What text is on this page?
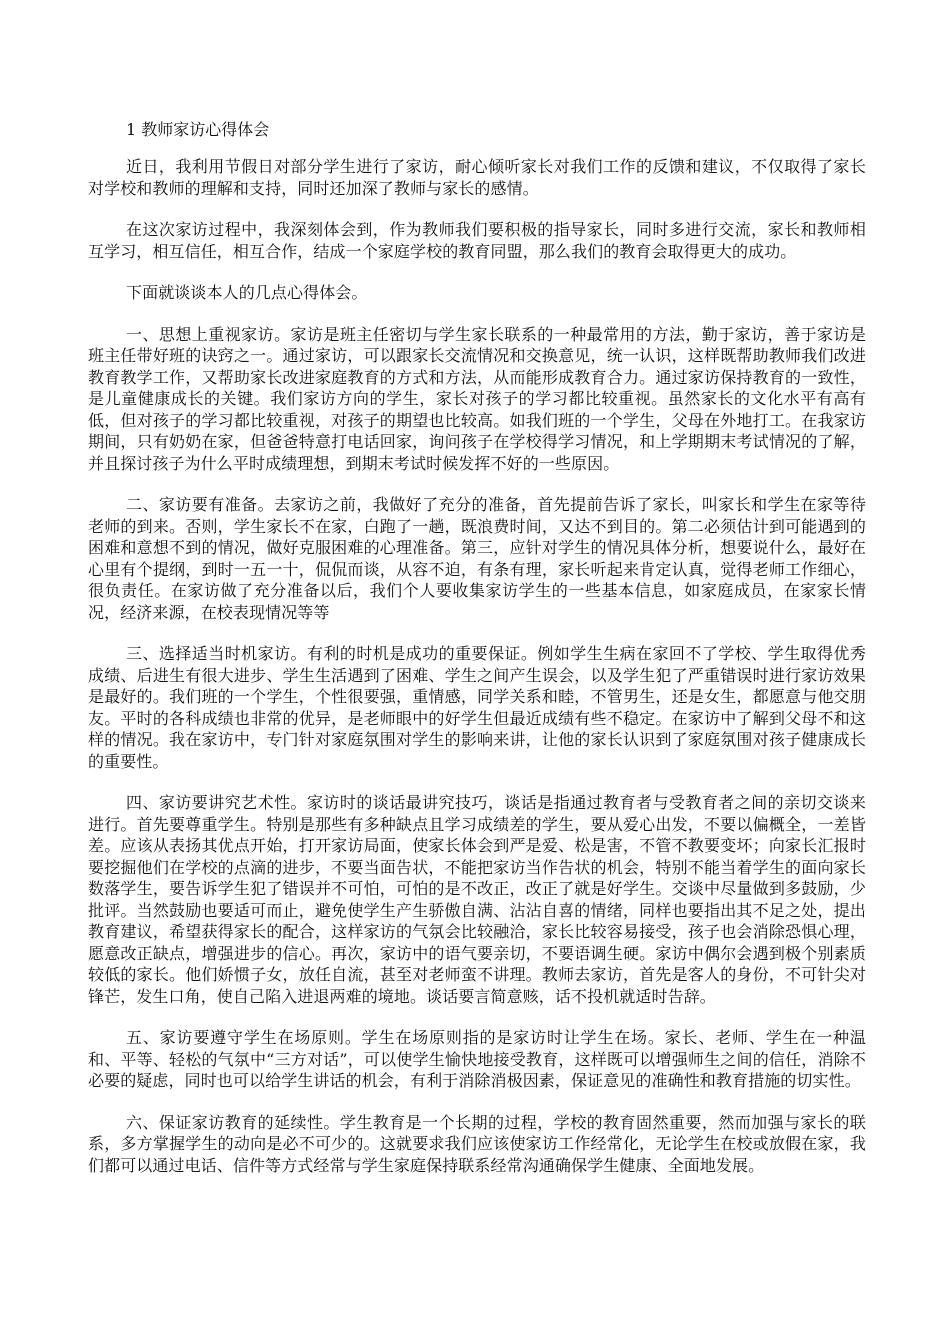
1 教师家访心得体会

近日，我利用节假日对部分学生进行了家访，耐心倾听家长对我们工作的反馈和建议，不仅取得了家长对学校和教师的理解和支持，同时还加深了教师与家长的感情。

在这次家访过程中，我深刻体会到，作为教师我们要积极的指导家长，同时多进行交流，家长和教师相互学习，相互信任，相互合作，结成一个家庭学校的教育同盟，那么我们的教育会取得更大的成功。

下面就谈谈本人的几点心得体会。

一、思想上重视家访。家访是班主任密切与学生家长联系的一种最常用的方法，勤于家访，善于家访是班主任带好班的诀窍之一。通过家访，可以跟家长交流情况和交换意见，统一认识，这样既帮助教师我们改进教育教学工作，又帮助家长改进家庭教育的方式和方法，从而能形成教育合力。通过家访保持教育的一致性，是儿童健康成长的关键。我们家访方向的学生，家长对孩子的学习都比较重视。虽然家长的文化水平有高有低，但对孩子的学习都比较重视，对孩子的期望也比较高。如我们班的一个学生，父母在外地打工。在我家访期间，只有奶奶在家，但爸爸特意打电话回家，询问孩子在学校得学习情况，和上学期期末考试情况的了解，并且探讨孩子为什么平时成绩理想，到期末考试时候发挥不好的一些原因。

二、家访要有准备。去家访之前，我做好了充分的准备，首先提前告诉了家长，叫家长和学生在家等待老师的到来。否则，学生家长不在家，白跑了一趟，既浪费时间，又达不到目的。第二必须估计到可能遇到的困难和意想不到的情况，做好克服困难的心理准备。第三，应针对学生的情况具体分析，想要说什么，最好在心里有个提纲，到时一五一十，侃侃而谈，从容不迫，有条有理，家长听起来肯定认真，觉得老师工作细心，很负责任。在家访做了充分准备以后，我们个人要收集家访学生的一些基本信息，如家庭成员，在家家长情况，经济来源，在校表现情况等等

三、选择适当时机家访。有利的时机是成功的重要保证。例如学生生病在家回不了学校、学生取得优秀成绩、后进生有很大进步、学生生活遇到了困难、学生之间产生误会，以及学生犯了严重错误时进行家访效果是最好的。我们班的一个学生，个性很要强，重情感，同学关系和睦，不管男生，还是女生，都愿意与他交朋友。平时的各科成绩也非常的优异，是老师眼中的好学生但最近成绩有些不稳定。在家访中了解到父母不和这样的情况。我在家访中，专门针对家庭氛围对学生的影响来讲，让他的家长认识到了家庭氛围对孩子健康成长的重要性。

四、家访要讲究艺术性。家访时的谈话最讲究技巧，谈话是指通过教育者与受教育者之间的亲切交谈来进行。首先要尊重学生。特别是那些有多种缺点且学习成绩差的学生，要从爱心出发，不要以偏概全，一差皆差。应该从表扬其优点开始，打开家访局面，使家长体会到严是爱、松是害，不管不教要变坏；向家长汇报时要挖掘他们在学校的点滴的进步，不要当面告状，不能把家访当作告状的机会，特别不能当着学生的面向家长数落学生，要告诉学生犯了错误并不可怕，可怕的是不改正，改正了就是好学生。交谈中尽量做到多鼓励，少批评。当然鼓励也要适可而止，避免使学生产生骄傲自满、沾沾自喜的情绪，同样也要指出其不足之处，提出教育建议，希望获得家长的配合，这样家访的气氛会比较融洽，家长比较容易接受，孩子也会消除恐惧心理，愿意改正缺点，增强进步的信心。再次，家访中的语气要亲切，不要语调生硬。家访中偶尔会遇到极个别素质较低的家长。他们娇惯子女，放任自流，甚至对老师蛮不讲理。教师去家访，首先是客人的身份，不可针尖对锋芒，发生口角，使自己陷入进退两难的境地。谈话要言简意赅，话不投机就适时告辞。

五、家访要遵守学生在场原则。学生在场原则指的是家访时让学生在场。家长、老师、学生在一种温和、平等、轻松的气氛中“三方对话”，可以使学生愉快地接受教育，这样既可以增强师生之间的信任，消除不必要的疑虑，同时也可以给学生讲话的机会，有利于消除消极因素，保证意见的准确性和教育措施的切实性。

六、保证家访教育的延续性。学生教育是一个长期的过程，学校的教育固然重要，然而加强与家长的联系，多方掌握学生的动向是必不可少的。这就要求我们应该使家访工作经常化，无论学生在校或放假在家，我们都可以通过电话、信件等方式经常与学生家庭保持联系经常沟通确保学生健康、全面地发展。
